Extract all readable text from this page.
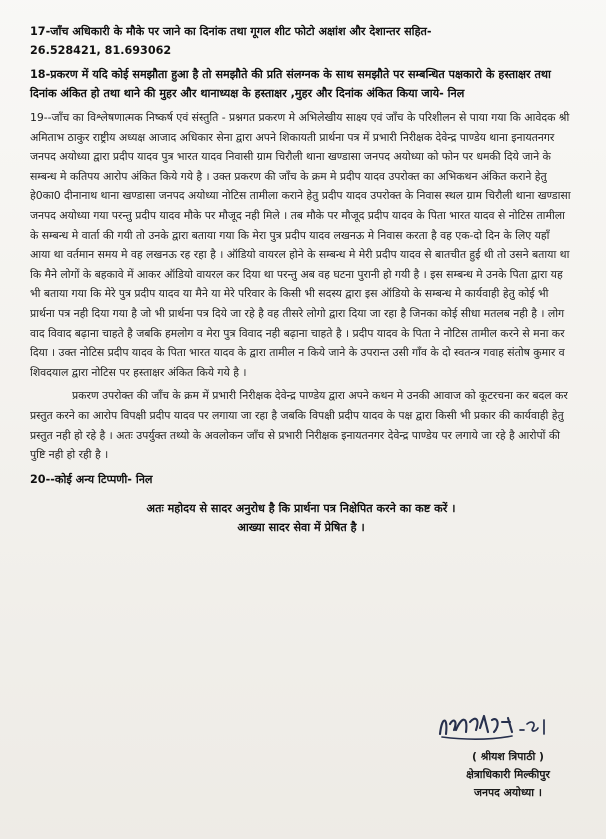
17-जाँच अधिकारी के मौके पर जाने का दिनांक तथा गूगल शीट फोटो अक्षांश और देशान्तर सहित-
26.528421, 81.693062
18-प्रकरण में यदि कोई समझौता हुआ है तो समझौते की प्रति संलग्नक के साथ समझौते पर सम्बन्धित पक्षकारो के हस्ताक्षर तथा दिनांक अंकित हो तथा थाने की मुहर और थानाध्यक्ष के हस्ताक्षर ,मुहर और दिनांक अंकित किया जाये- निल
19--जाँच का विश्लेषणात्मक निष्कर्ष एवं संस्तुति - प्रश्नगत प्रकरण मे अभिलेखीय साक्ष्य एवं जाँच के परिशीलन से पाया गया कि आवेदक श्री अमिताभ ठाकुर राष्ट्रीय अध्यक्ष आजाद अधिकार सेना द्वारा अपने शिकायती प्रार्थना पत्र में प्रभारी निरीक्षक देवेन्द्र पाण्डेय थाना इनायतनगर जनपद अयोध्या द्वारा प्रदीप यादव पुत्र भारत यादव निवासी ग्राम चिरौली थाना खण्डासा जनपद अयोध्या को फोन पर धमकी दिये जाने के सम्बन्ध मे कतिपय आरोप अंकित किये गये है । उक्त प्रकरण की जाँच के क्रम मे प्रदीप यादव उपरोक्त का अभिकथन अंकित कराने हेतु हे0का0 दीनानाथ थाना खण्डासा जनपद अयोध्या नोटिस तामीला कराने हेतु प्रदीप यादव उपरोक्त के निवास स्थल ग्राम चिरौली थाना खण्डासा जनपद अयोध्या गया परन्तु प्रदीप यादव मौके पर मौजूद नही मिले । तब मौके पर मौजूद प्रदीप यादव के पिता भारत यादव से नोटिस तामीला के सम्बन्ध मे वार्ता की गयी तो उनके द्वारा बताया गया कि मेरा पुत्र प्रदीप यादव लखनऊ मे निवास करता है वह एक-दो दिन के लिए यहाँ आया था वर्तमान समय मे वह लखनऊ रह रहा है । ऑडियो वायरल होने के सम्बन्ध मे मेरी प्रदीप यादव से बातचीत हुई थी तो उसने बताया था कि मैने लोगों के बहकावे में आकर ऑडियो वायरल कर दिया था परन्तु अब वह घटना पुरानी हो गयी है । इस सम्बन्ध मे उनके पिता द्वारा यह भी बताया गया कि मेरे पुत्र प्रदीप यादव या मैने या मेरे परिवार के किसी भी सदस्य द्वारा इस ऑडियो के सम्बन्ध मे कार्यवाही हेतु कोई भी प्रार्थना पत्र नही दिया गया है जो भी प्रार्थना पत्र दिये जा रहे है वह तीसरे लोगो द्वारा दिया जा रहा है जिनका कोई सीधा मतलब नही है । लोग वाद विवाद बढ़ाना चाहते है जबकि हमलोग व मेरा पुत्र विवाद नही बढ़ाना चाहते है । प्रदीप यादव के पिता ने नोटिस तामील करने से मना कर दिया । उक्त नोटिस प्रदीप यादव के पिता भारत यादव के द्वारा तामील न किये जाने के उपरान्त उसी गाँव के दो स्वतन्त्र गवाह संतोष कुमार व शिवदयाल द्वारा नोटिस पर हस्ताक्षर अंकित किये गये है ।
प्रकरण उपरोक्त की जाँच के क्रम में प्रभारी निरीक्षक देवेन्द्र पाण्डेय द्वारा अपने कथन मे उनकी आवाज को कूटरचना कर बदल कर प्रस्तुत करने का आरोप विपक्षी प्रदीप यादव पर लगाया जा रहा है जबकि विपक्षी प्रदीप यादव के पक्ष द्वारा किसी भी प्रकार की कार्यवाही हेतु प्रस्तुत नही हो रहे है । अतः उपर्युक्त तथ्यो के अवलोकन जाँच से प्रभारी निरीक्षक इनायतनगर देवेन्द्र पाण्डेय पर लगाये जा रहे है आरोपों की पुष्टि नही हो रही है ।
20--कोई अन्य टिप्पणी- निल
अतः महोदय से सादर अनुरोध है कि प्रार्थना पत्र निक्षेपित करने का कष्ट करें ।
आख्या सादर सेवा में प्रेषित है ।
( श्रीयश त्रिपाठी )
क्षेत्राधिकारी मिल्कीपुर
जनपद अयोध्या ।
